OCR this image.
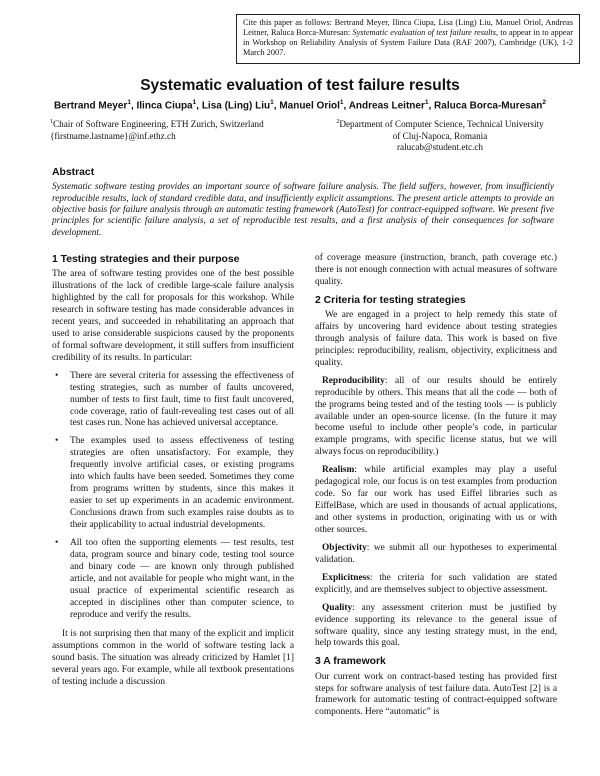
Cite this paper as follows: Bertrand Meyer, Ilinca Ciupa, Lisa (Ling) Liu, Manuel Oriol, Andreas Leitner, Raluca Borca-Muresan: Systematic evaluation of test failure results, to appear in to appear in Workshop on Reliability Analysis of System Failure Data (RAF 2007), Cambridge (UK), 1-2 March 2007.
Systematic evaluation of test failure results
Bertrand Meyer$^1$, Ilinca Ciupa$^1$, Lisa (Ling) Liu$^1$, Manuel Oriol$^1$, Andreas Leitner$^1$, Raluca Borca-Muresan$^2$
$^1$Chair of Software Engineering, ETH Zurich, Switzerland
{firstname.lastname}@inf.ethz.ch
$^2$Department of Computer Science, Technical University
of Cluj-Napoca, Romania
ralucab@student.etc.ch
Abstract

Systematic software testing provides an important source of software failure analysis. The field suffers, however, from insufficiently reproducible results, lack of standard credible data, and insufficiently explicit assumptions. The present article attempts to provide an objective basis for failure analysis through an automatic testing framework (AutoTest) for contract-equipped software. We present five principles for scientific failure analysis, a set of reproducible test results, and a first analysis of their consequences for software development.

1 Testing strategies and their purpose

The area of software testing provides one of the best possible illustrations of the lack of credible large-scale failure analysis highlighted by the call for proposals for this workshop. While research in software testing has made considerable advances in recent years, and succeeded in rehabilitating an approach that used to arise considerable suspicions caused by the proponents of formal software development, it still suffers from insufficient credibility of its results. In particular:

• There are several criteria for assessing the effectiveness of testing strategies, such as number of faults uncovered, number of tests to first fault, time to first fault uncovered, code coverage, ratio of fault-revealing test cases out of all test cases run. None has achieved universal acceptance.
• The examples used to assess effectiveness of testing strategies are often unsatisfactory. For example, they frequently involve artificial cases, or existing programs into which faults have been seeded. Sometimes they come from programs written by students, since this makes it easier to set up experiments in an academic environment. Conclusions drawn from such examples raise doubts as to their applicability to actual industrial developments.
• All too often the supporting elements — test results, test data, program source and binary code, testing tool source and binary code — are known only through published article, and not available for people who might want, in the usual practice of experimental scientific research as accepted in disciplines other than computer science, to reproduce and verify the results.

It is not surprising then that many of the explicit and implicit assumptions common in the world of software testing lack a sound basis. The situation was already criticized by Hamlet [1] several years ago. For example, while all textbook presentations of testing include a discussion

of coverage measure (instruction, branch, path coverage etc.) there is not enough connection with actual measures of software quality.

2 Criteria for testing strategies

We are engaged in a project to help remedy this state of affairs by uncovering hard evidence about testing strategies through analysis of failure data. This work is based on five principles: reproducibility, realism, objectivity, explicitness and quality.

Reproducibility: all of our results should be entirely reproducible by others. This means that all the code — both of the programs being tested and of the testing tools — is publicly available under an open-source license. (In the future it may become useful to include other people’s code, in particular example programs, with specific license status, but we will always focus on reproducibility.)

Realism: while artificial examples may play a useful pedagogical role, our focus is on test examples from production code. So far our work has used Eiffel libraries such as EiffelBase, which are used in thousands of actual applications, and other systems in production, originating with us or with other sources.

Objectivity: we submit all our hypotheses to experimental validation.

Explicitness: the criteria for such validation are stated explicitly, and are themselves subject to objective assessment.

Quality: any assessment criterion must be justified by evidence supporting its relevance to the general issue of software quality, since any testing strategy must, in the end, help towards this goal.

3 A framework

Our current work on contract-based testing has provided first steps for software analysis of test failure data. AutoTest [2] is a framework for automatic testing of contract-equipped software components. Here “automatic” is
